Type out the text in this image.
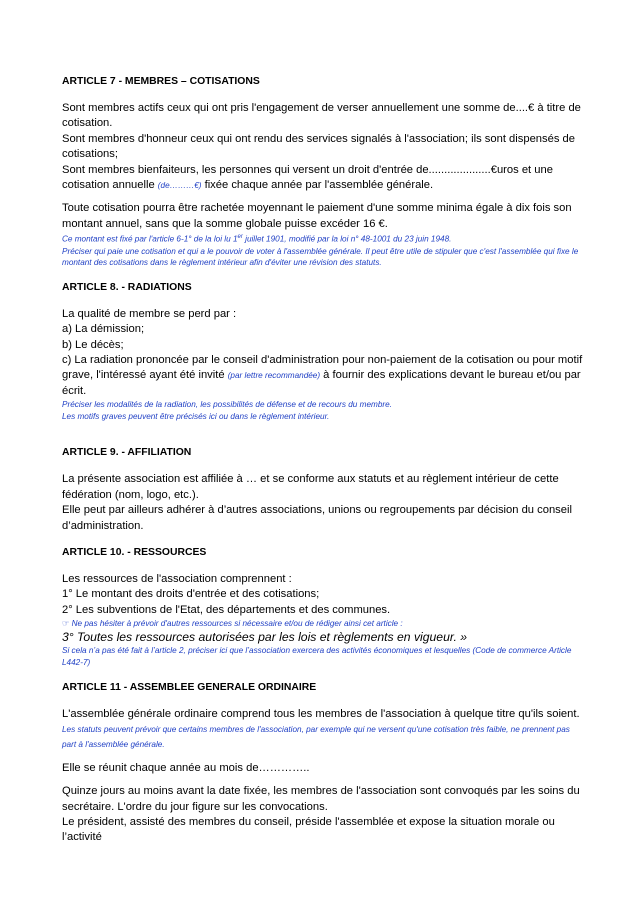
ARTICLE 7 - MEMBRES – COTISATIONS

Sont membres actifs ceux qui ont pris l'engagement de verser annuellement une somme de....€ à titre de cotisation.

Sont membres d'honneur ceux qui ont rendu des services signalés à l'association; ils sont dispensés de cotisations;

Sont membres bienfaiteurs, les personnes qui versent un droit d'entrée de....................€uros et une cotisation annuelle (de………€) fixée chaque année par l'assemblée générale.

Toute cotisation pourra être rachetée moyennant le paiement d'une somme minima égale à dix fois son montant annuel, sans que la somme globale puisse excéder 16 €.

Ce montant est fixé par l'article 6-1° de la loi lu 1er juillet 1901, modifié par la loi n° 48-1001 du 23 juin 1948.

Préciser qui paie une cotisation et qui a le pouvoir de voter à l'assemblée générale. Il peut être utile de stipuler que c'est l'assemblée qui fixe le montant des cotisations dans le règlement intérieur afin d'éviter une révision des statuts.

ARTICLE 8. - RADIATIONS

La qualité de membre se perd par :

a) La démission;

b) Le décès;

c) La radiation prononcée par le conseil d'administration pour non-paiement de la cotisation ou pour motif grave, l'intéressé ayant été invité (par lettre recommandée) à fournir des explications devant le bureau et/ou par écrit.

Préciser les modalités de la radiation, les possibilités de défense et de recours du membre.

Les motifs graves peuvent être précisés ici ou dans le règlement intérieur.

ARTICLE 9. - AFFILIATION

La présente association est affiliée à … et se conforme aux statuts et au règlement intérieur de cette fédération (nom, logo, etc.).

Elle peut par ailleurs adhérer à d’autres associations, unions ou regroupements par décision du conseil d’administration.

ARTICLE 10. - RESSOURCES

Les ressources de l'association comprennent :

1° Le montant des droits d'entrée et des cotisations;

2° Les subventions de l'Etat, des départements et des communes.

☞ Ne pas hésiter à prévoir d'autres ressources si nécessaire et/ou de rédiger ainsi cet article :

3° Toutes les ressources autorisées par les lois et règlements en vigueur. »

Si cela n’a pas été fait à l’article 2, préciser ici que l’association exercera des activités économiques et lesquelles (Code de commerce Article L442-7)

ARTICLE 11 - ASSEMBLEE GENERALE ORDINAIRE

L'assemblée générale ordinaire comprend tous les membres de l'association à quelque titre qu'ils soient. Les statuts peuvent prévoir que certains membres de l'association, par exemple qui ne versent qu'une cotisation très faible, ne prennent pas part à l'assemblée générale.

Elle se réunit chaque année au mois de…………..

Quinze jours au moins avant la date fixée, les membres de l'association sont convoqués par les soins du secrétaire. L'ordre du jour figure sur les convocations.

Le président, assisté des membres du conseil, préside l'assemblée et expose la situation morale ou l’activité
